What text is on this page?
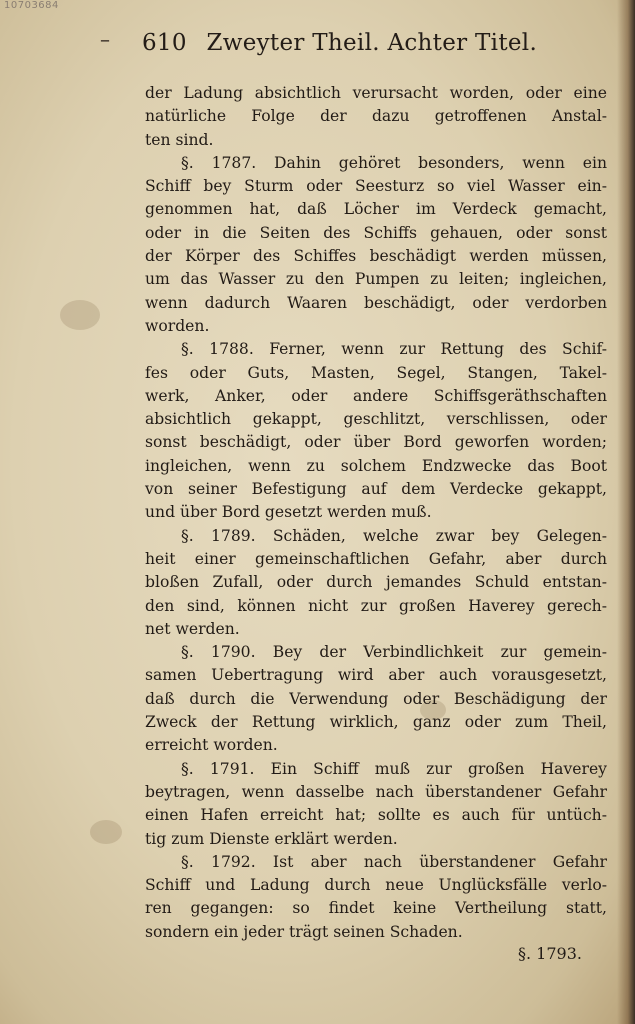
10703684
– 610 Zweyter Theil. Achter Titel.
der Ladung absichtlich verursacht worden, oder eine
natürliche Folge der dazu getroffenen Anstal-
ten sind.
§. 1787. Dahin gehöret besonders, wenn ein
Schiff bey Sturm oder Seesturz so viel Wasser ein-
genommen hat, daß Löcher im Verdeck gemacht,
oder in die Seiten des Schiffs gehauen, oder sonst
der Körper des Schiffes beschädigt werden müssen,
um das Wasser zu den Pumpen zu leiten; ingleichen,
wenn dadurch Waaren beschädigt, oder verdorben
worden.
§. 1788. Ferner, wenn zur Rettung des Schif-
fes oder Guts, Masten, Segel, Stangen, Takel-
werk, Anker, oder andere Schiffsgeräthschaften
absichtlich gekappt, geschlitzt, verschlissen, oder
sonst beschädigt, oder über Bord geworfen worden;
ingleichen, wenn zu solchem Endzwecke das Boot
von seiner Befestigung auf dem Verdecke gekappt,
und über Bord gesetzt werden muß.
§. 1789. Schäden, welche zwar bey Gelegen-
heit einer gemeinschaftlichen Gefahr, aber durch
bloßen Zufall, oder durch jemandes Schuld entstan-
den sind, können nicht zur großen Haverey gerech-
net werden.
§. 1790. Bey der Verbindlichkeit zur gemein-
samen Uebertragung wird aber auch vorausgesetzt,
daß durch die Verwendung oder Beschädigung der
Zweck der Rettung wirklich, ganz oder zum Theil,
erreicht worden.
§. 1791. Ein Schiff muß zur großen Haverey
beytragen, wenn dasselbe nach überstandener Gefahr
einen Hafen erreicht hat; sollte es auch für untüch-
tig zum Dienste erklärt werden.
§. 1792. Ist aber nach überstandener Gefahr
Schiff und Ladung durch neue Unglücksfälle verlo-
ren gegangen: so findet keine Vertheilung statt,
sondern ein jeder trägt seinen Schaden.
§. 1793.
